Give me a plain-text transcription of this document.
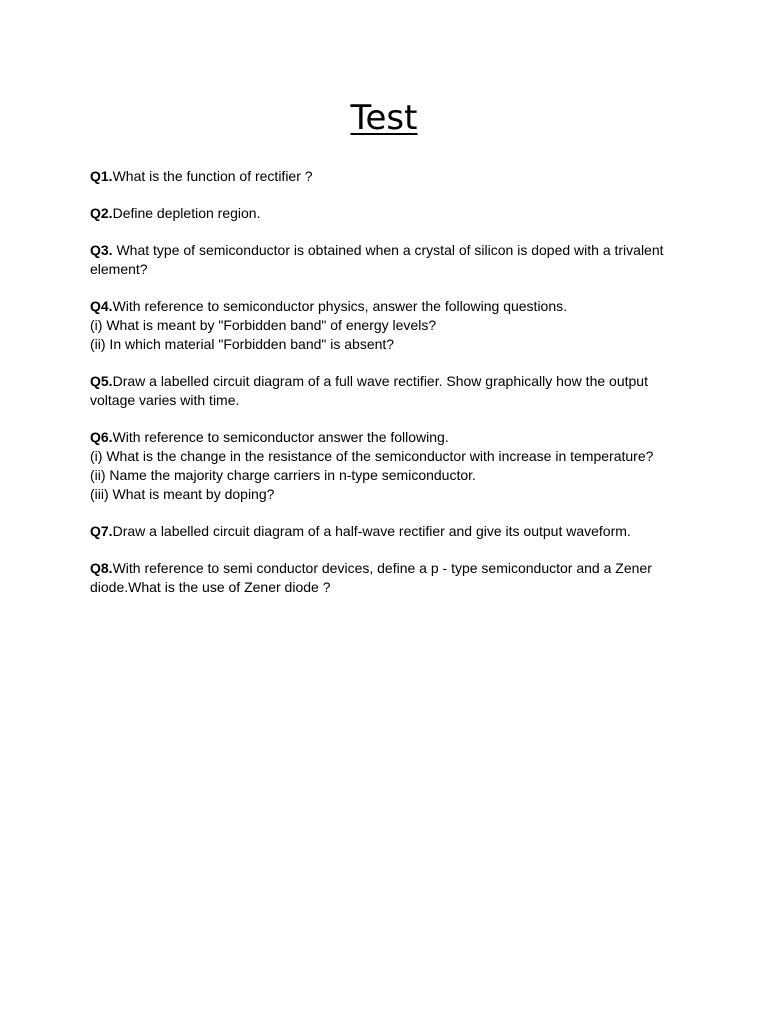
Test
Q1.What is the function of rectifier ?
Q2.Define depletion region.
Q3. What type of semiconductor is obtained when a crystal of silicon is doped with a trivalent element?
Q4.With reference to semiconductor physics, answer the following questions.
(i) What is meant by "Forbidden band" of energy levels?
(ii) In which material "Forbidden band" is absent?
Q5.Draw a labelled circuit diagram of a full wave rectifier. Show graphically how the output voltage varies with time.
Q6.With reference to semiconductor answer the following.
(i) What is the change in the resistance of the semiconductor with increase in temperature?
(ii) Name the majority charge carriers in n-type semiconductor.
(iii) What is meant by doping?
Q7.Draw a labelled circuit diagram of a half-wave rectifier and give its output waveform.
Q8.With reference to semi conductor devices, define a p - type semiconductor and a Zener diode.What is the use of Zener diode ?
